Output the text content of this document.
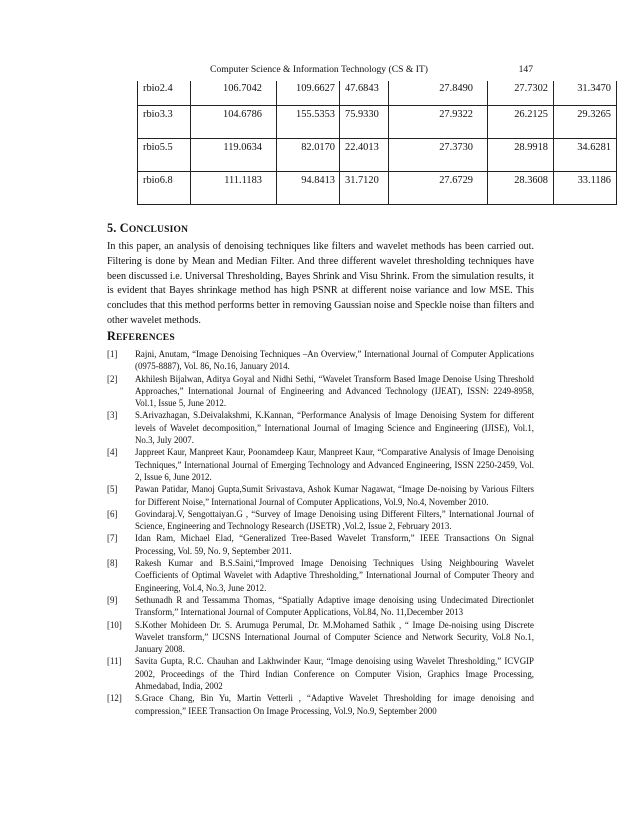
Computer Science & Information Technology (CS & IT)	147
rbio2.4	106.7042	109.6627	47.6843	27.8490	27.7302	31.3470
rbio3.3	104.6786	155.5353	75.9330	27.9322	26.2125	29.3265
rbio5.5	119.0634	82.0170	22.4013	27.3730	28.9918	34.6281
rbio6.8	111.1183	94.8413	31.7120	27.6729	28.3608	33.1186
5. CONCLUSION

In this paper, an analysis of denoising techniques like filters and wavelet methods has been carried out. Filtering is done by Mean and Median Filter. And three different wavelet thresholding techniques have been discussed i.e. Universal Thresholding, Bayes Shrink and Visu Shrink. From the simulation results, it is evident that Bayes shrinkage method has high PSNR at different noise variance and low MSE. This concludes that this method performs better in removing Gaussian noise and Speckle noise than filters and other wavelet methods.

REFERENCES
[1] Rajni, Anutam, “Image Denoising Techniques –An Overview,” International Journal of Computer Applications (0975-8887), Vol. 86, No.16, January 2014.
[2] Akhilesh Bijalwan, Aditya Goyal and Nidhi Sethi, “Wavelet Transform Based Image Denoise Using Threshold Approaches,” International Journal of Engineering and Advanced Technology (IJEAT), ISSN: 2249-8958, Vol.1, Issue 5, June 2012.
[3] S.Arivazhagan, S.Deivalakshmi, K.Kannan, “Performance Analysis of Image Denoising System for different levels of Wavelet decomposition,” International Journal of Imaging Science and Engineering (IJISE), Vol.1, No.3, July 2007.
[4] Jappreet Kaur, Manpreet Kaur, Poonamdeep Kaur, Manpreet Kaur, “Comparative Analysis of Image Denoising Techniques,” International Journal of Emerging Technology and Advanced Engineering, ISSN 2250-2459, Vol. 2, Issue 6, June 2012.
[5] Pawan Patidar, Manoj Gupta,Sumit Srivastava, Ashok Kumar Nagawat, “Image De-noising by Various Filters for Different Noise,” International Journal of Computer Applications, Vol.9, No.4, November 2010.
[6] Govindaraj.V, Sengottaiyan.G , “Survey of Image Denoising using Different Filters,” International Journal of Science, Engineering and Technology Research (IJSETR) ,Vol.2, Issue 2, February 2013.
[7] Idan Ram, Michael Elad, “Generalized Tree-Based Wavelet Transform,” IEEE Transactions On Signal Processing, Vol. 59, No. 9, September 2011.
[8] Rakesh Kumar and B.S.Saini,“Improved Image Denoising Techniques Using Neighbouring Wavelet Coefficients of Optimal Wavelet with Adaptive Thresholding,” International Journal of Computer Theory and Engineering, Vol.4, No.3, June 2012.
[9] Sethunadh R and Tessamma Thomas, “Spatially Adaptive image denoising using Undecimated Directionlet Transform,” International Journal of Computer Applications, Vol.84, No. 11,December 2013
[10] S.Kother Mohideen Dr. S. Arumuga Perumal, Dr. M.Mohamed Sathik , “ Image De-noising using Discrete Wavelet transform,” IJCSNS International Journal of Computer Science and Network Security, Vol.8 No.1, January 2008.
[11] Savita Gupta, R.C. Chauhan and Lakhwinder Kaur, “Image denoising using Wavelet Thresholding,” ICVGIP 2002, Proceedings of the Third Indian Conference on Computer Vision, Graphics Image Processing, Ahmedabad, India, 2002
[12] S.Grace Chang, Bin Yu, Martin Vetterli , “Adaptive Wavelet Thresholding for image denoising and compression,” IEEE Transaction On Image Processing, Vol.9, No.9, September 2000
